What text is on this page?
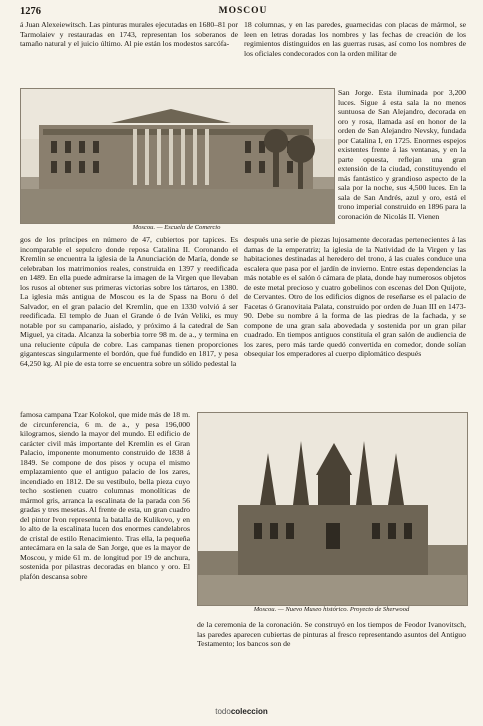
1276	MOSCOU

á Juan Alexeiewitsch. Las pinturas murales ejecutadas en 1680–81 por Tarmolaiev y restauradas en 1743, representan los soberanos de tamaño natural y el juicio último. Al pie están los modestos sarcófa-

18 columnas, y en las paredes, guarnecidas con placas de mármol, se leen en letras doradas los nombres y las fechas de creación de los regimientos distinguidos en las guerras rusas, así como los nombres de los oficiales condecorados con la orden militar de

Moscou. — Escuela de Comercio

San Jorge. Esta iluminada por 3,200 luces. Sigue á esta sala la no menos suntuosa de San Alejandro, decorada en oro y rosa, llamada así en honor de la orden de San Alejandro Nevsky, fundada por Catalina I, en 1725. Enormes espejos existentes frente á las ventanas, y en la parte opuesta, reflejan una gran extensión de la ciudad, constituyendo el más fantástico y grandioso aspecto de la sala por la noche, sus 4,500 luces. En la sala de San Andrés, azul y oro, está el trono imperial construido en 1896 para la coronación de Nicolás II. Vienen

gos de los príncipes en número de 47, cubiertos por tapices. Es incomparable el sepulcro donde reposa Catalina II. Coronando el Kremlin se encuentra la iglesia de la Anunciación de María, donde se celebraban los matrimonios reales, construida en 1397 y reedificada en 1489. En ella puede admirarse la imagen de la Virgen que llevaban los rusos al obtener sus primeras victorias sobre los tártaros, en 1380. La iglesia más antigua de Moscou es la de Spass na Boru ó del Salvador, en el gran palacio del Kremlin, que en 1330 volvió á ser reedificada. El templo de Juan el Grande ó de Iván Veliki, es muy notable por su campanario, aislado, y próximo á la catedral de San Miguel, ya citada. Alcanza la soberbia torre 98 m. de a., y termina en una reluciente cúpula de cobre. Las campanas tienen proporciones gigantescas singularmente el bordón, que fué fundido en 1817, y pesa 64,250 kg. Al pie de esta torre se encuentra sobre un sólido pedestal la

después una serie de piezas lujosamente decoradas pertenecientes á las damas de la emperatriz; la iglesia de la Natividad de la Virgen y las habitaciones destinadas al heredero del trono, á las cuales conduce una escalera que pasa por el jardín de invierno. Entre estas dependencias la más notable es el salón ó cámara de plata, donde hay numerosos objetos de este metal precioso y cuatro gobelinos con escenas del Don Quijote, de Cervantes. Otro de los edificios dignos de reseñarse es el palacio de Facetas ó Granovitaia Palata, construido por orden de Juan III en 1473-90. Debe su nombre á la forma de las piedras de la fachada, y se compone de una gran sala abovedada y sostenida por un gran pilar cuadrado. En tiempos antiguos constituía el gran salón de audiencia de los zares, pero más tarde quedó convertida en comedor, donde solían obsequiar los emperadores al cuerpo diplomático después

famosa campana Tzar Kolokol, que mide más de 18 m. de circunferencia, 6 m. de a., y pesa 196,000 kilogramos, siendo la mayor del mundo. El edificio de carácter civil más importante del Kremlin es el Gran Palacio, imponente monumento construido de 1838 á 1849. Se compone de dos pisos y ocupa el mismo emplazamiento que el antiguo palacio de los zares, incendiado en 1812. De su vestíbulo, bella pieza cuyo techo sostienen cuatro columnas monolíticas de mármol gris, arranca la escalinata de la parada con 56 gradas y tres mesetas. Al frente de esta, un gran cuadro del pintor Ivon representa la batalla de Kulikovo, y en lo alto de la escalinata lucen dos enormes candelabros de cristal de estilo Renacimiento. Tras ella, la pequeña antecámara en la sala de San Jorge, que es la mayor de Moscou, y mide 61 m. de longitud por 19 de anchura, sostenida por pilastras decoradas en blanco y oro. El plafón descansa sobre

Moscou. — Nuevo Museo histórico. Proyecto de Sherwood

de la ceremonia de la coronación. Se construyó en los tiempos de Feodor Ivanovitsch, las paredes aparecen cubiertas de pinturas al fresco representando asuntos del Antiguo Testamento; los bancos son de

todocoleccion
